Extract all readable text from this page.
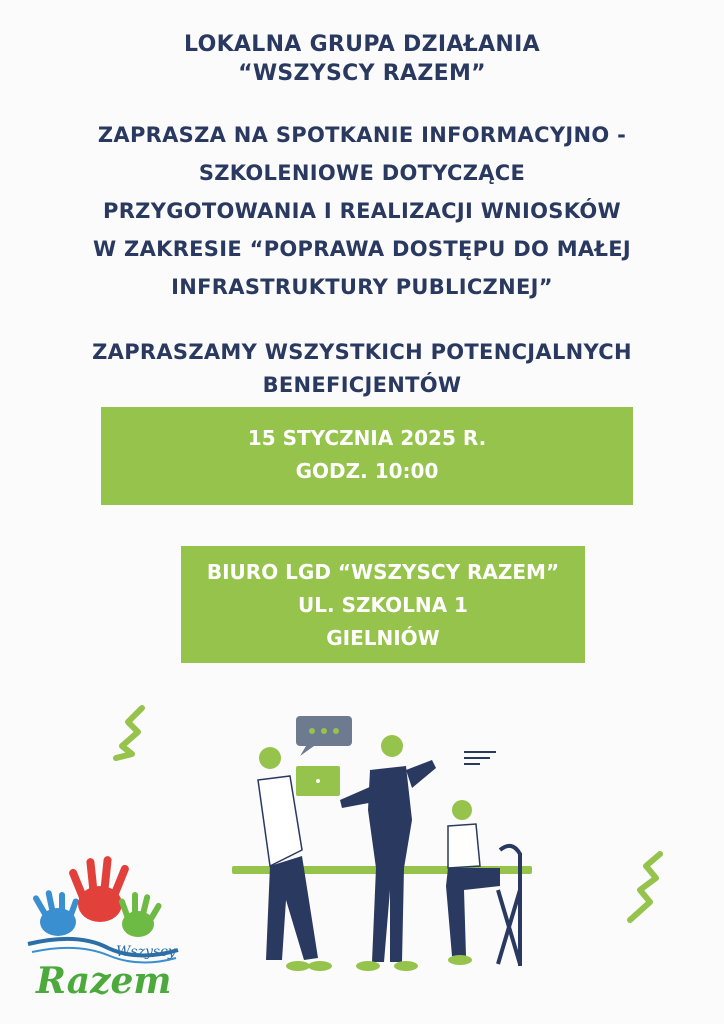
LOKALNA GRUPA DZIAŁANIA
“WSZYSCY RAZEM”
ZAPRASZA NA SPOTKANIE INFORMACYJNO -
SZKOLENIOWE DOTYCZĄCE
PRZYGOTOWANIA I REALIZACJI WNIOSKÓW
W ZAKRESIE “POPRAWA DOSTĘPU DO MAŁEJ
INFRASTRUKTURY PUBLICZNEJ”
ZAPRASZAMY WSZYSTKICH POTENCJALNYCH
BENEFICJENTÓW
15 STYCZNIA 2025 R.
GODZ. 10:00
BIURO LGD “WSZYSCY RAZEM”
UL. SZKOLNA 1
GIELNIÓW
Wszyscy
Razem
